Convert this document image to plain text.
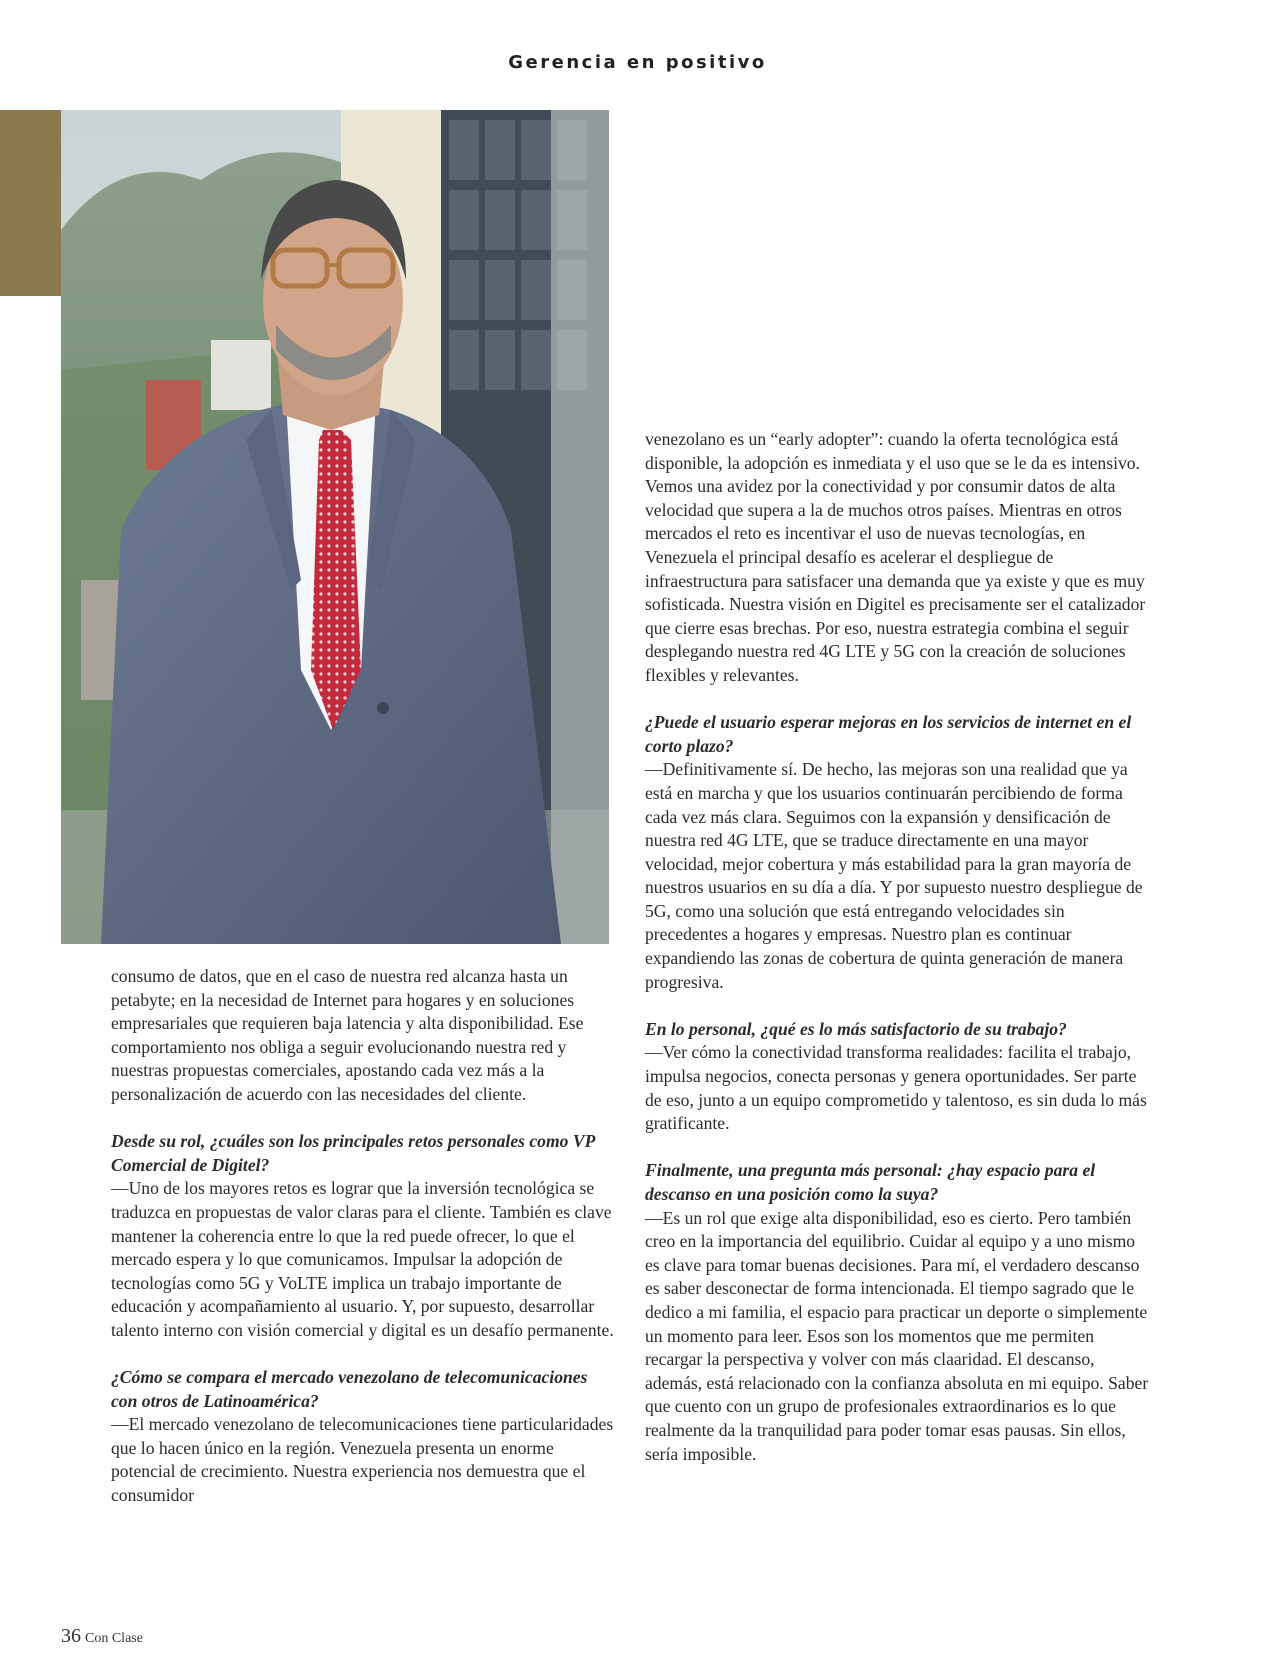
Gerencia en positivo

consumo de datos, que en el caso de nuestra red alcanza hasta un petabyte; en la necesidad de Internet para hogares y en soluciones empresariales que requieren baja latencia y alta disponibilidad. Ese comportamiento nos obliga a seguir evolucionando nuestra red y nuestras propuestas comerciales, apostando cada vez más a la personalización de acuerdo con las necesidades del cliente.

Desde su rol, ¿cuáles son los principales retos personales como VP Comercial de Digitel?
—Uno de los mayores retos es lograr que la inversión tecnológica se traduzca en propuestas de valor claras para el cliente. También es clave mantener la coherencia entre lo que la red puede ofrecer, lo que el mercado espera y lo que comunicamos. Impulsar la adopción de tecnologías como 5G y VoLTE implica un trabajo importante de educación y acompañamiento al usuario. Y, por supuesto, desarrollar talento interno con visión comercial y digital es un desafío permanente.

¿Cómo se compara el mercado venezolano de telecomunicaciones con otros de Latinoamérica?
—El mercado venezolano de telecomunicaciones tiene particularidades que lo hacen único en la región. Venezuela presenta un enorme potencial de crecimiento. Nuestra experiencia nos demuestra que el consumidor

venezolano es un “early adopter”: cuando la oferta tecnológica está disponible, la adopción es inmediata y el uso que se le da es intensivo. Vemos una avidez por la conectividad y por consumir datos de alta velocidad que supera a la de muchos otros países. Mientras en otros mercados el reto es incentivar el uso de nuevas tecnologías, en Venezuela el principal desafío es acelerar el despliegue de infraestructura para satisfacer una demanda que ya existe y que es muy sofisticada. Nuestra visión en Digitel es precisamente ser el catalizador que cierre esas brechas. Por eso, nuestra estrategia combina el seguir desplegando nuestra red 4G LTE y 5G con la creación de soluciones flexibles y relevantes.

¿Puede el usuario esperar mejoras en los servicios de internet en el corto plazo?
—Definitivamente sí. De hecho, las mejoras son una realidad que ya está en marcha y que los usuarios continuarán percibiendo de forma cada vez más clara. Seguimos con la expansión y densificación de nuestra red 4G LTE, que se traduce directamente en una mayor velocidad, mejor cobertura y más estabilidad para la gran mayoría de nuestros usuarios en su día a día. Y por supuesto nuestro despliegue de 5G, como una solución que está entregando velocidades sin precedentes a hogares y empresas. Nuestro plan es continuar expandiendo las zonas de cobertura de quinta generación de manera progresiva.

En lo personal, ¿qué es lo más satisfactorio de su trabajo?
—Ver cómo la conectividad transforma realidades: facilita el trabajo, impulsa negocios, conecta personas y genera oportunidades. Ser parte de eso, junto a un equipo comprometido y talentoso, es sin duda lo más gratificante.

Finalmente, una pregunta más personal: ¿hay espacio para el descanso en una posición como la suya?
—Es un rol que exige alta disponibilidad, eso es cierto. Pero también creo en la importancia del equilibrio. Cuidar al equipo y a uno mismo es clave para tomar buenas decisiones. Para mí, el verdadero descanso es saber desconectar de forma intencionada. El tiempo sagrado que le dedico a mi familia, el espacio para practicar un deporte o simplemente un momento para leer. Esos son los momentos que me permiten recargar la perspectiva y volver con más claaridad. El descanso, además, está relacionado con la confianza absoluta en mi equipo. Saber que cuento con un grupo de profesionales extraordinarios es lo que realmente da la tranquilidad para poder tomar esas pausas. Sin ellos, sería imposible.

36 Con Clase
